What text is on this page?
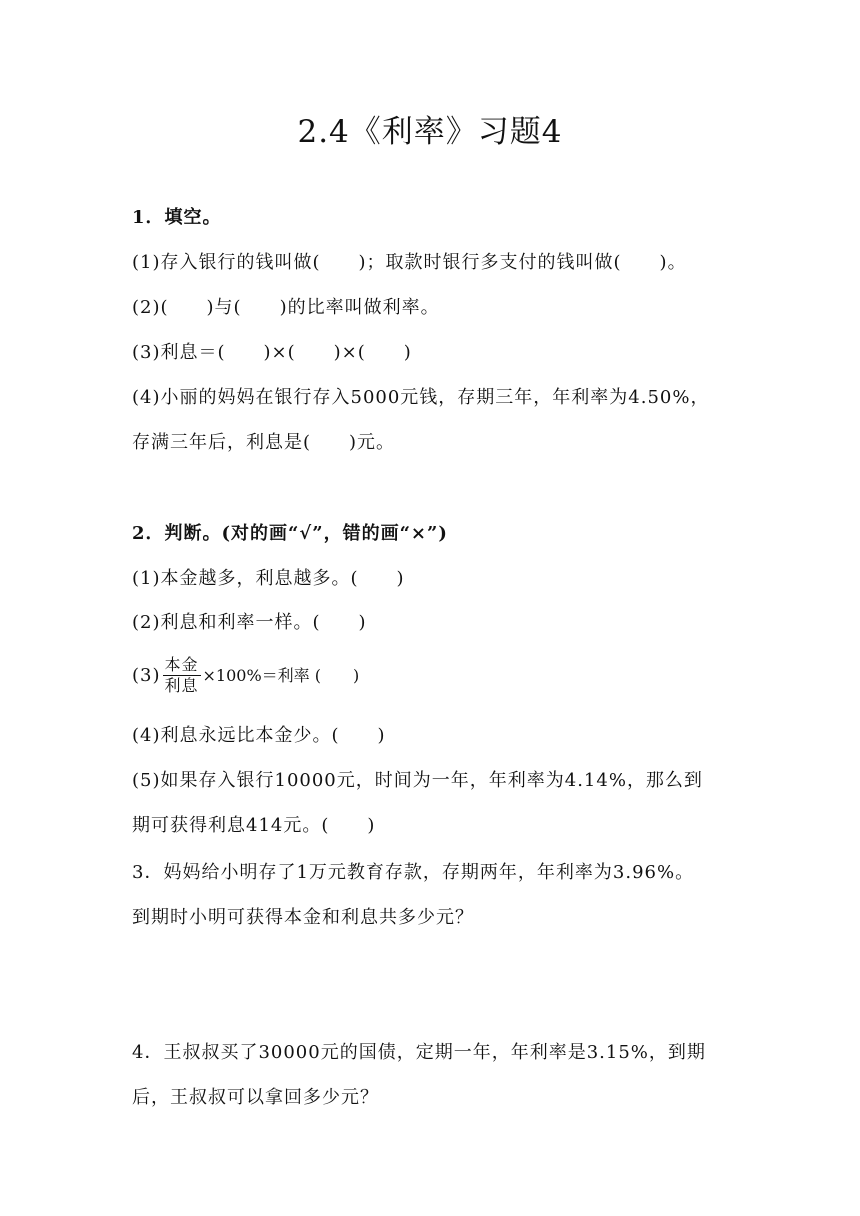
2.4《利率》习题4
1．填空。
(1)存入银行的钱叫做(　　)；取款时银行多支付的钱叫做(　　)。
(2)(　　)与(　　)的比率叫做利率。
(3)利息＝(　　)×(　　)×(　　)
(4)小丽的妈妈在银行存入5000元钱，存期三年，年利率为4.50%，
存满三年后，利息是(　　)元。
2．判断。(对的画“√”，错的画“×”)
(1)本金越多，利息越多。(　　)
(2)利息和利率一样。(　　)
$(3) \frac{\text{本金}}{\text{利息}} \times 100\%=$利率 (　　)
(4)利息永远比本金少。(　　)
(5)如果存入银行10000元，时间为一年，年利率为4.14%，那么到
期可获得利息414元。(　　)
3．妈妈给小明存了1万元教育存款，存期两年，年利率为3.96%。
到期时小明可获得本金和利息共多少元？
4．王叔叔买了30000元的国债，定期一年，年利率是3.15%，到期
后，王叔叔可以拿回多少元？
